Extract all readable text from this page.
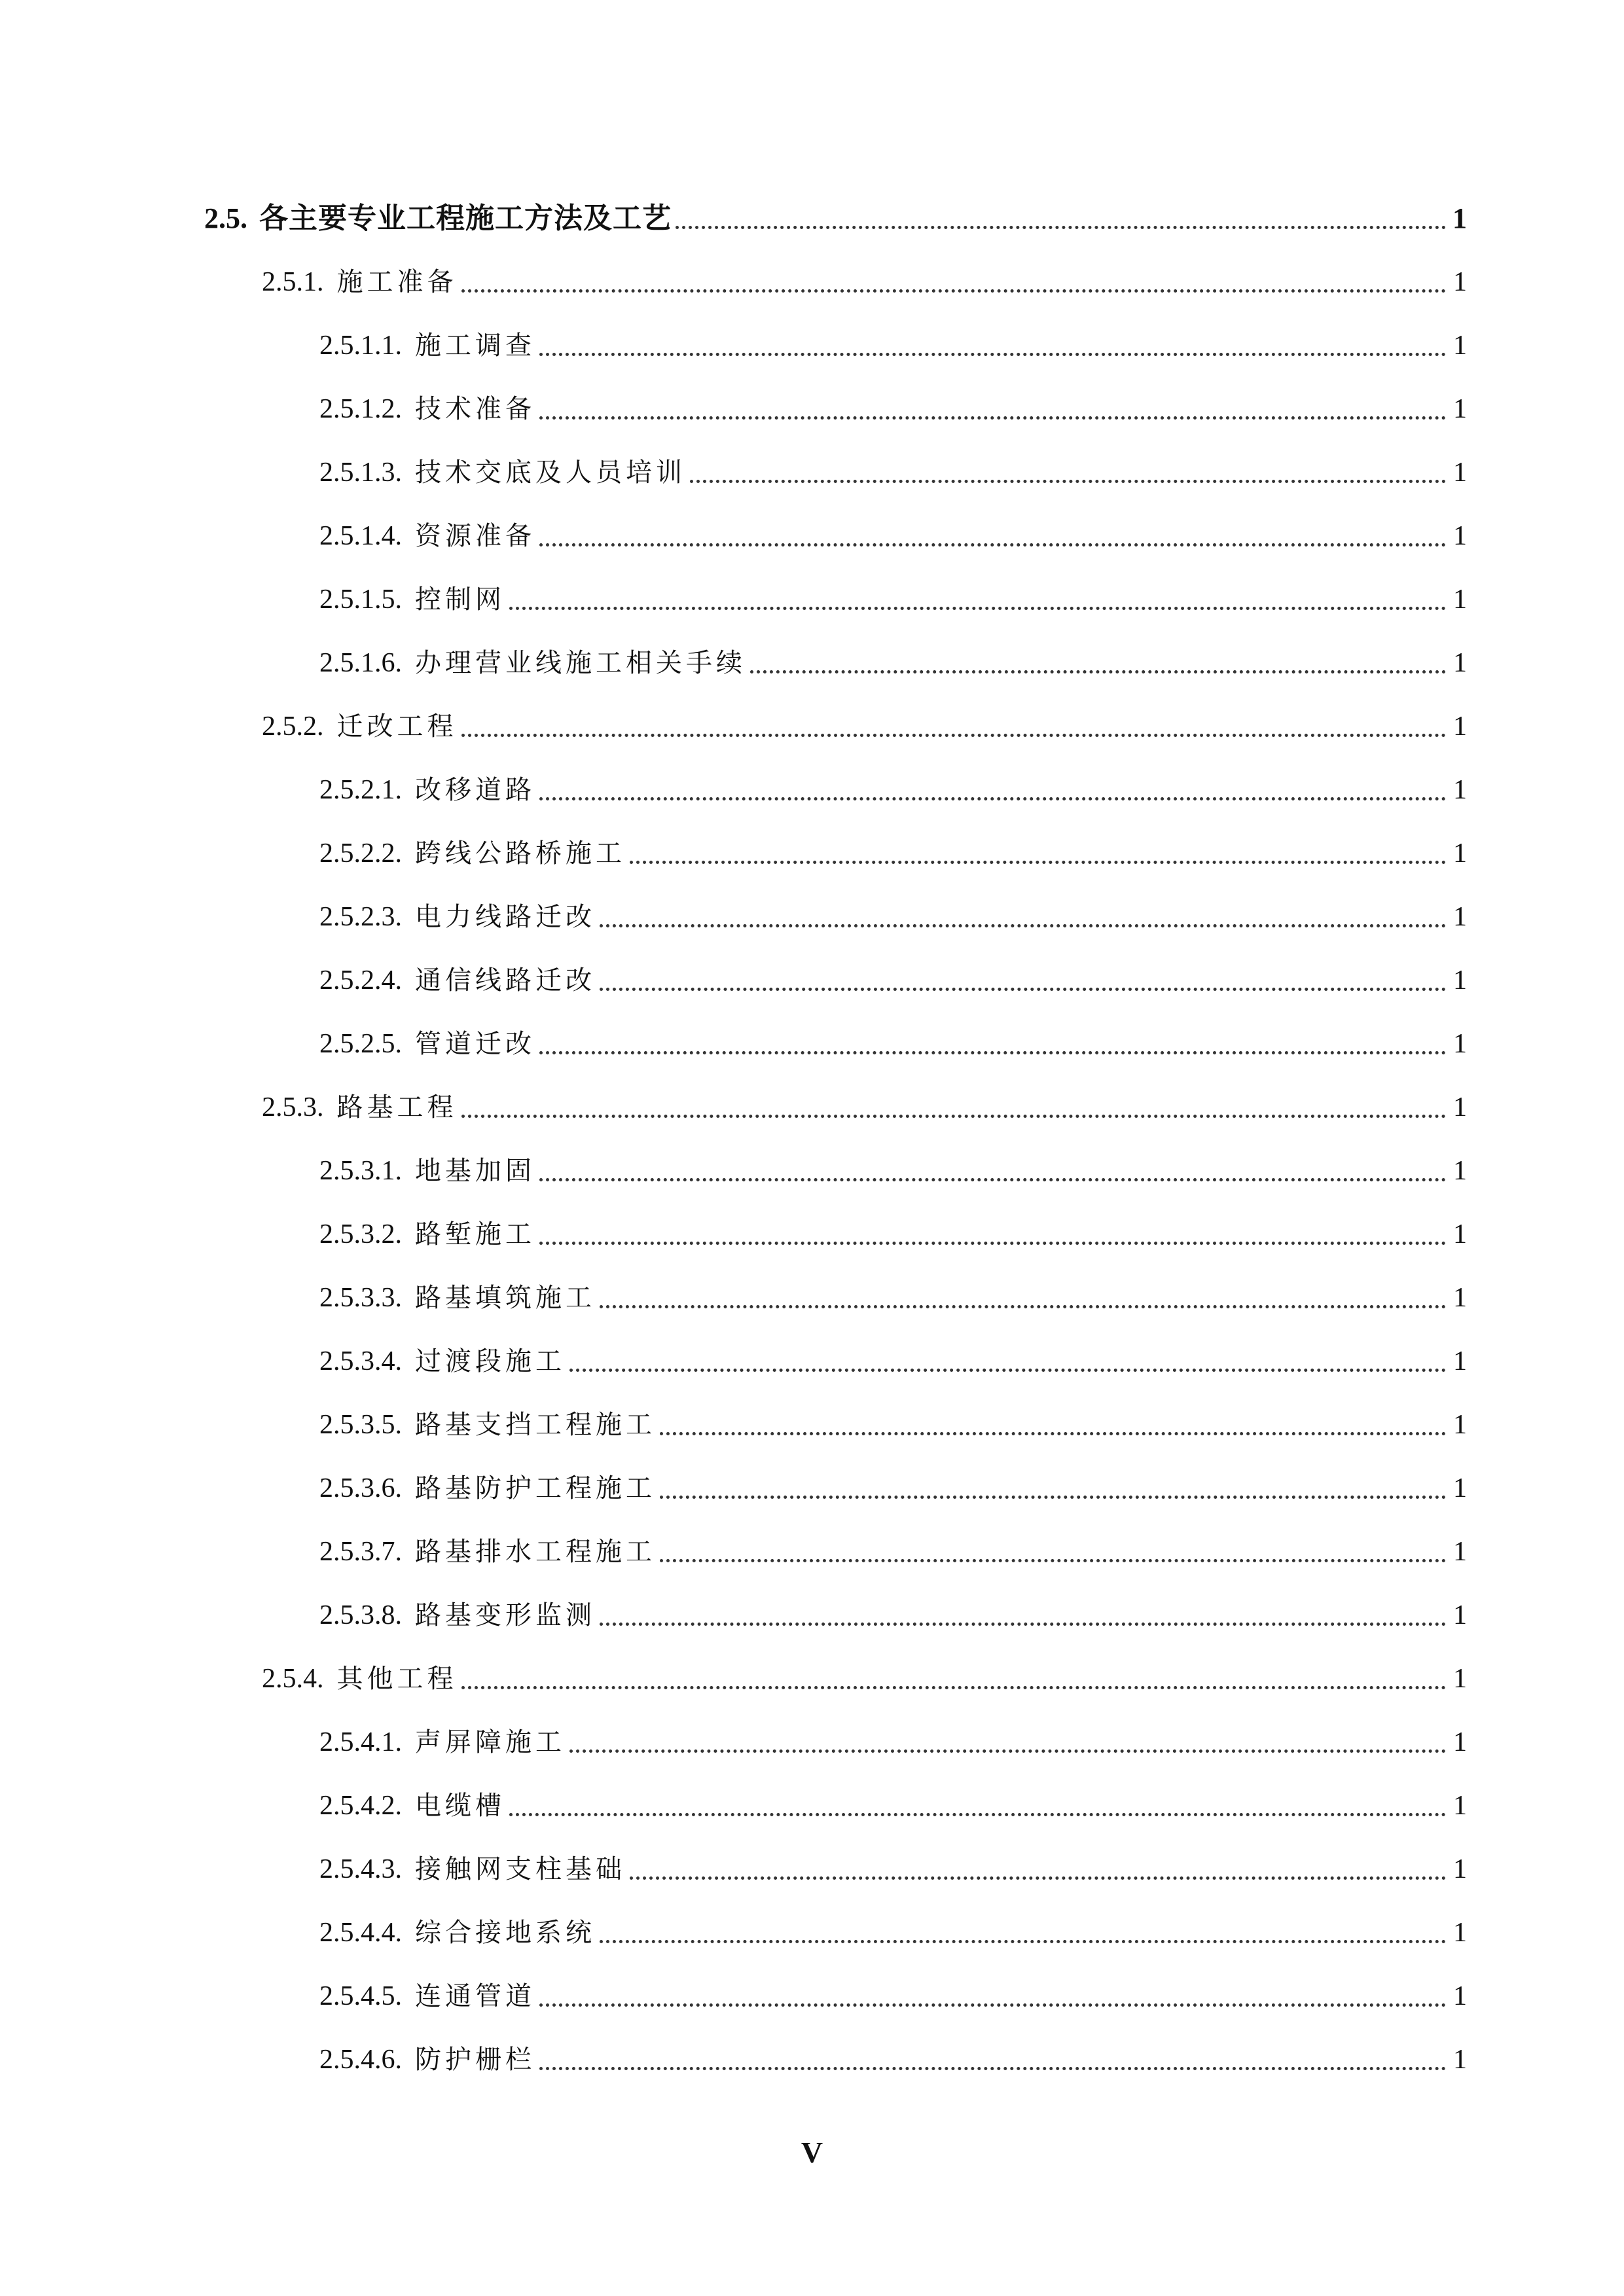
2.5. 各主要专业工程施工方法及工艺	1
2.5.1. 施工准备	1
2.5.1.1. 施工调查	1
2.5.1.2. 技术准备	1
2.5.1.3. 技术交底及人员培训	1
2.5.1.4. 资源准备	1
2.5.1.5. 控制网	1
2.5.1.6. 办理营业线施工相关手续	1
2.5.2. 迁改工程	1
2.5.2.1. 改移道路	1
2.5.2.2. 跨线公路桥施工	1
2.5.2.3. 电力线路迁改	1
2.5.2.4. 通信线路迁改	1
2.5.2.5. 管道迁改	1
2.5.3. 路基工程	1
2.5.3.1. 地基加固	1
2.5.3.2. 路堑施工	1
2.5.3.3. 路基填筑施工	1
2.5.3.4. 过渡段施工	1
2.5.3.5. 路基支挡工程施工	1
2.5.3.6. 路基防护工程施工	1
2.5.3.7. 路基排水工程施工	1
2.5.3.8. 路基变形监测	1
2.5.4. 其他工程	1
2.5.4.1. 声屏障施工	1
2.5.4.2. 电缆槽	1
2.5.4.3. 接触网支柱基础	1
2.5.4.4. 综合接地系统	1
2.5.4.5. 连通管道	1
2.5.4.6. 防护栅栏	1
V
